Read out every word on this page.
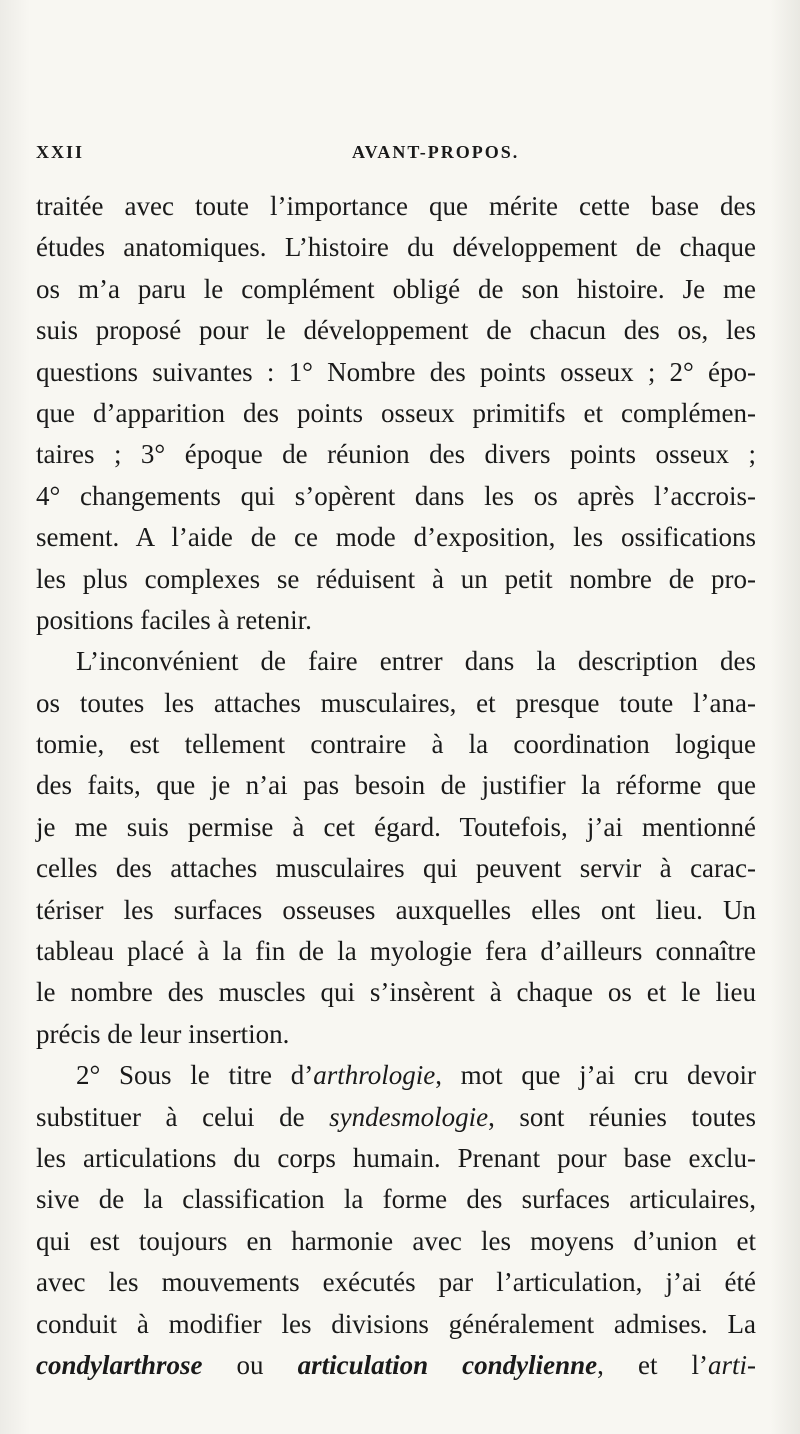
XXII	AVANT-PROPOS.
traitée avec toute l’importance que mérite cette base des
études anatomiques. L’histoire du développement de chaque
os m’a paru le complément obligé de son histoire. Je me
suis proposé pour le développement de chacun des os, les
questions suivantes : 1° Nombre des points osseux ; 2° épo-
que d’apparition des points osseux primitifs et complémen-
taires ; 3° époque de réunion des divers points osseux ;
4° changements qui s’opèrent dans les os après l’accrois-
sement. A l’aide de ce mode d’exposition, les ossifications
les plus complexes se réduisent à un petit nombre de pro-
positions faciles à retenir.
L’inconvénient de faire entrer dans la description des
os toutes les attaches musculaires, et presque toute l’ana-
tomie, est tellement contraire à la coordination logique
des faits, que je n’ai pas besoin de justifier la réforme que
je me suis permise à cet égard. Toutefois, j’ai mentionné
celles des attaches musculaires qui peuvent servir à carac-
tériser les surfaces osseuses auxquelles elles ont lieu. Un
tableau placé à la fin de la myologie fera d’ailleurs connaître
le nombre des muscles qui s’insèrent à chaque os et le lieu
précis de leur insertion.
2° Sous le titre d’arthrologie, mot que j’ai cru devoir
substituer à celui de syndesmologie, sont réunies toutes
les articulations du corps humain. Prenant pour base exclu-
sive de la classification la forme des surfaces articulaires,
qui est toujours en harmonie avec les moyens d’union et
avec les mouvements exécutés par l’articulation, j’ai été
conduit à modifier les divisions généralement admises. La
condylarthrose ou articulation condylienne, et l’arti-
